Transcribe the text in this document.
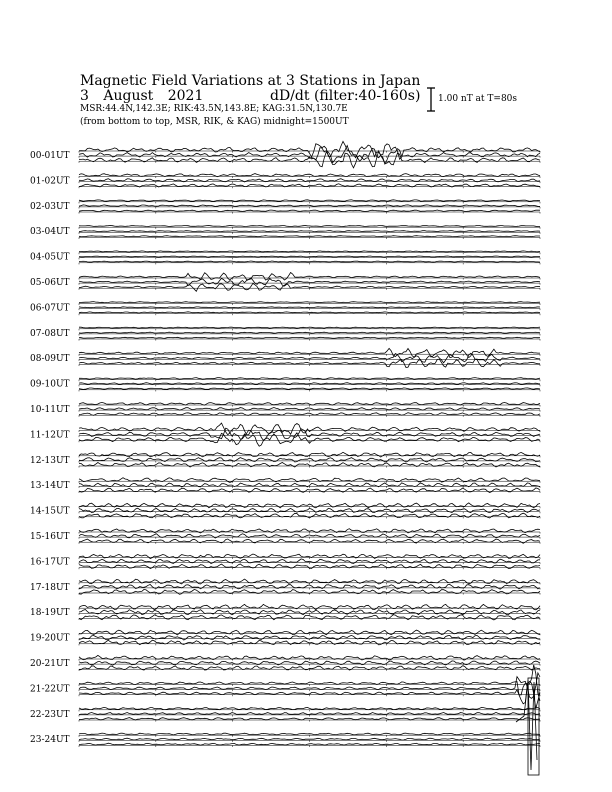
Magnetic Field Variations at 3 Stations in Japan
3 August 2021	dD/dt (filter:40-160s)
MSR:44.4N,142.3E; RIK:43.5N,143.8E; KAG:31.5N,130.7E
(from bottom to top, MSR, RIK, & KAG) midnight=1500UT
1.00 nT at T=80s
00-01UT
01-02UT
02-03UT
03-04UT
04-05UT
05-06UT
06-07UT
07-08UT
08-09UT
09-10UT
10-11UT
11-12UT
12-13UT
13-14UT
14-15UT
15-16UT
16-17UT
17-18UT
18-19UT
19-20UT
20-21UT
21-22UT
22-23UT
23-24UT
